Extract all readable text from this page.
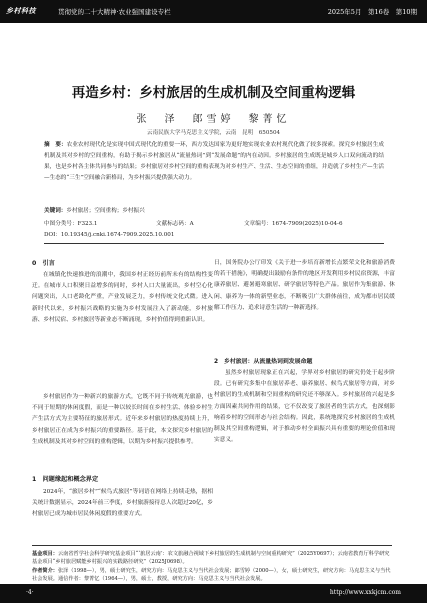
乡村科技	贯彻党的二十大精神·农业强国建设专栏	2025年5月　第16卷　第10期
再造乡村：乡村旅居的生成机制及空间重构逻辑
张　泽　郎雪婷　黎菁忆
云南民族大学马克思主义学院，云南　昆明　650504
摘　要：农业农村现代化是实现中国式现代化的重要一环，西方发达国家为更好地实现农业农村现代化做了较多探索。探究乡村旅居生成机制及其对乡村的空间重构，有助于揭示乡村旅居从“流量热词”到“发展命题”的内在动因。乡村旅居的生成既是城乡人口双向流动的结果，也是乡村各主体共同参与的结果；乡村旅居对乡村空间的重构表现为对乡村生产、生活、生态空间的重组，并造就了乡村生产—生活—生态的“三生”空间融合新格局，为乡村振兴提供强大动力。
关键词：乡村旅居；空间重构；乡村振兴
中图分类号：F323.1	文献标志码：A	文章编号：1674-7909(2025)10-04-6
DOI：10.19345/j.cnki.1674-7909.2025.10.001
0　引言

在城镇化快速推进的浪潮中，我国乡村正经历前所未有的结构性变迁。在城市人口积聚日益增多的同时，乡村人口大量流出，乡村空心化问题突出，人口老龄化严重，产业发展乏力，乡村传统文化式微。进入新时代以来，乡村振兴战略的实施为乡村发展注入了新动能，乡村旅游、乡村民宿、乡村旅居等新业态不断涌现，乡村价值得到重新认识。

乡村旅居作为一种新兴的旅游方式，它既不同于传统观光旅游，也不同于短期的休闲度假，而是一种以较长时间在乡村生活、体验乡村生产生活方式为主要特征的旅居形式。近年来乡村旅居的热度持续上升，乡村旅居正在成为乡村振兴的重要路径。基于此，本文探究乡村旅居的生成机制及其对乡村空间的重构逻辑，以期为乡村振兴提供参考。

1　问题缘起和概念界定

2024年，“旅居乡村”“候鸟式旅居”等词语在网络上持续走热，据相关统计数据显示，2024年前三季度，乡村旅游接待总人次超过20亿，乡村旅居已成为城市居民休闲度假的重要方式。

日，国务院办公厅印发《关于进一步培育新增长点繁荣文化和旅游消费的若干措施》，明确提出鼓励有条件的地区开发利用乡村民宿资源，丰富康养旅居、避暑避寒旅居、研学旅居等特色产品。旅居作为集旅游、休闲、康养为一体的新型业态，不断吸引广大群体前往，成为都市居民缓解工作压力、追求诗意生活的一种新选择。

2　乡村旅居：从流量热词到发展命题

虽然乡村旅居现象正在兴起，学界对乡村旅居的研究仍处于起步阶段。已有研究多集中在旅居养老、康养旅居、候鸟式旅居等方面，对乡村旅居的生成机制和空间重构的研究还不够深入。乡村旅居的兴起是多方面因素共同作用的结果，它不仅改变了旅居者的生活方式，也深刻影响着乡村的空间形态与社会结构。因此，系统地探究乡村旅居的生成机制及其空间重构逻辑，对于推动乡村全面振兴具有重要的理论价值和现实意义。

基金项目：云南省哲学社会科学研究基金项目“‘旅居云南’：农文旅融合视域下乡村旅居的生成机制与空间重构研究”（2025Y0697）；云南省教育厅科学研究基金项目“乡村旅居赋能乡村振兴的实践路径研究”（2025J0698）。
作者简介：张泽（1998—），男，硕士研究生，研究方向：马克思主义与当代社会发展；郎雪婷（2000—），女，硕士研究生，研究方向：马克思主义与当代社会发展。通信作者：黎菁忆（1964—），男，硕士，教授，研究方向：马克思主义与当代社会发展。
·4·	http://www.xxkjcm.com
